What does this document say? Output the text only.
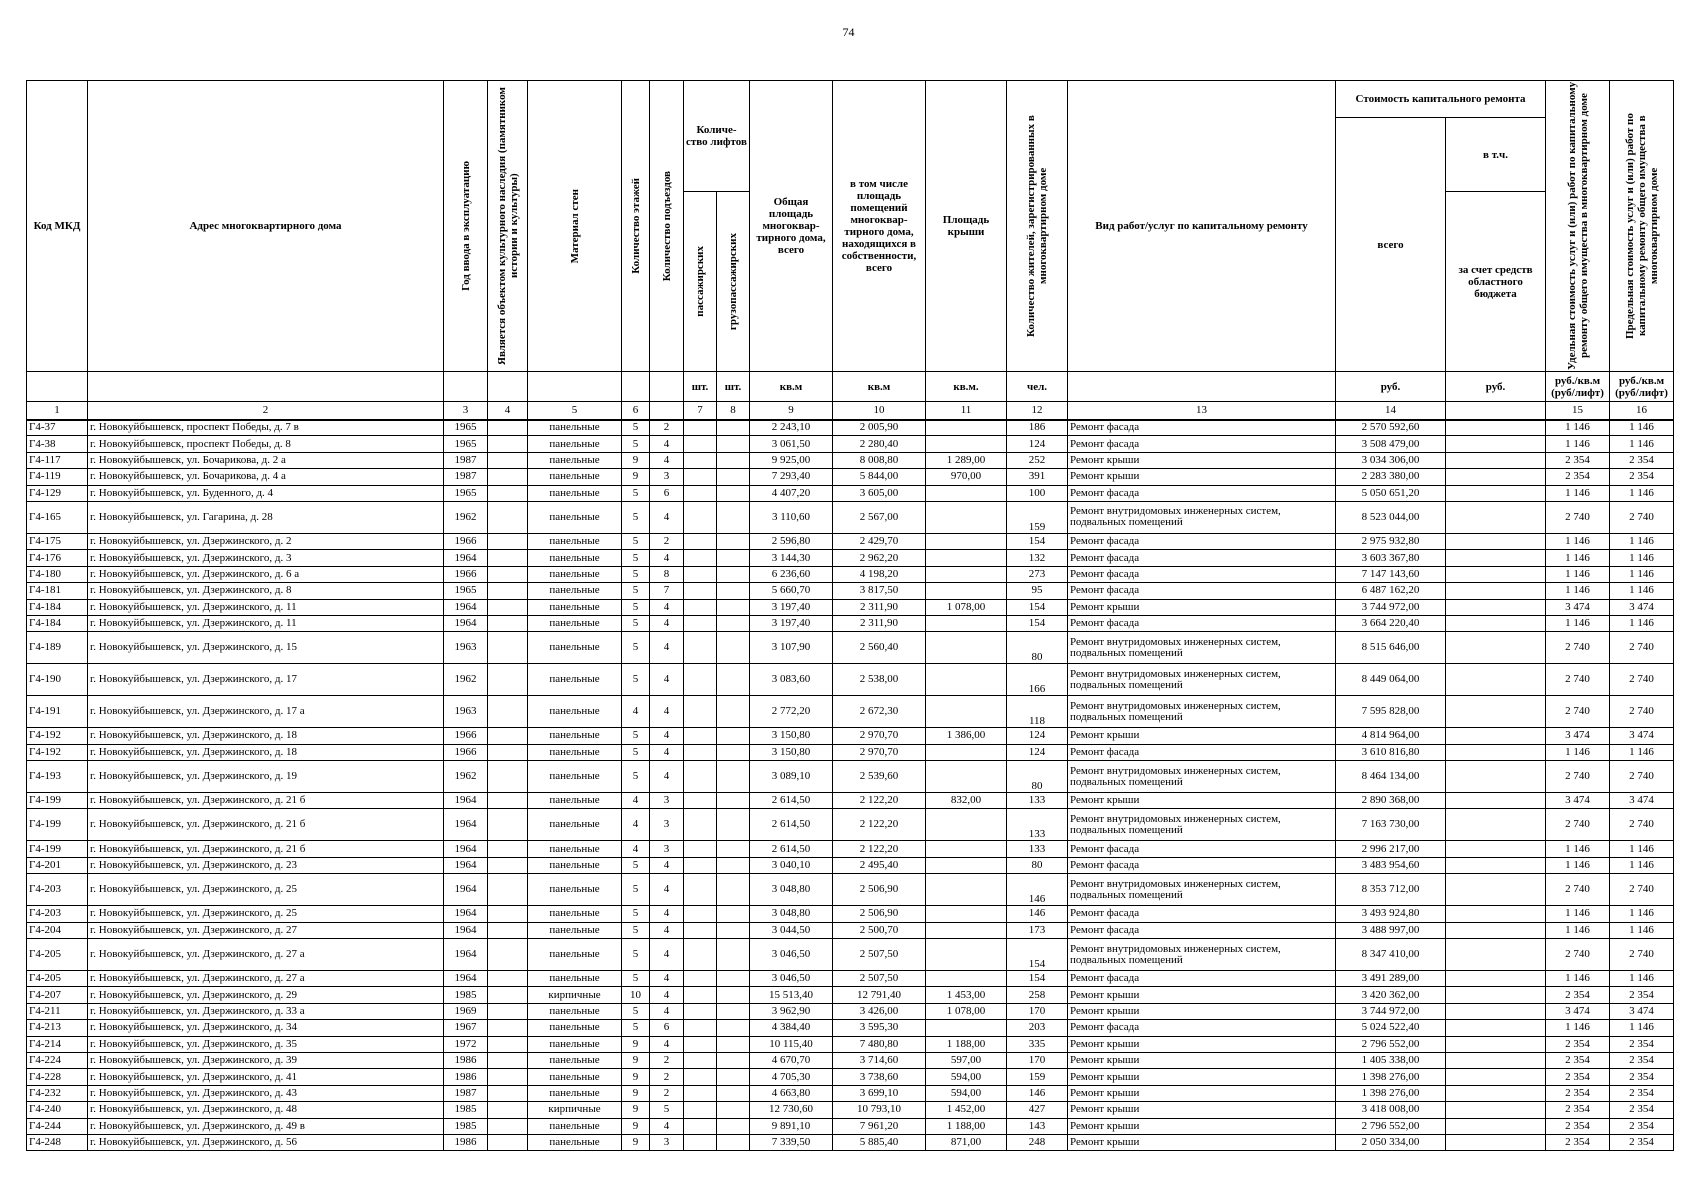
74
Код МКД	Адрес многоквартирного дома	Год ввода в эксплуатацию	Является объектом культурного наследия (памятником истории и культуры)	Материал стен	Количество этажей	Количество подъездов	Количе-ство лифтов		Общая площадь многоквар-тирного дома, всего	в том числе площадь помещений многоквар-тирного дома, находящихся в собственности, всего	Площадь крыши	Количество жителей, зарегистрированных в многоквартирном доме	Вид работ/услуг по капитальному ремонту	Стоимость капитального ремонта		Удельная стоимость услуг и (или) работ по капитальному ремонту общего имущества в многоквартирном доме	Предельная стоимость услуг и (или) работ по капитальному ремонту общего имущества в многоквартирном доме

														всего	в т.ч.		

							пассажирских	грузопассажирских							за счет средств областного бюджета		
							шт.	шт.	кв.м	кв.м	кв.м.	чел.		руб.	руб.	руб./кв.м (руб/лифт)	руб./кв.м (руб/лифт)
1	2	3	4	5	6		7	8	9	10	11	12	13	14		15	16
Г4-37	г. Новокуйбышевск, проспект Победы, д. 7 в	1965		панельные	5	2			2 243,10	2 005,90		186	Ремонт фасада	2 570 592,60		1 146	1 146
Г4-38	г. Новокуйбышевск, проспект Победы, д. 8	1965		панельные	5	4			3 061,50	2 280,40		124	Ремонт фасада	3 508 479,00		1 146	1 146
Г4-117	г. Новокуйбышевск, ул. Бочарикова, д. 2 а	1987		панельные	9	4			9 925,00	8 008,80	1 289,00	252	Ремонт крыши	3 034 306,00		2 354	2 354
Г4-119	г. Новокуйбышевск, ул. Бочарикова, д. 4 а	1987		панельные	9	3			7 293,40	5 844,00	970,00	391	Ремонт крыши	2 283 380,00		2 354	2 354
Г4-129	г. Новокуйбышевск, ул. Буденного, д. 4	1965		панельные	5	6			4 407,20	3 605,00		100	Ремонт фасада	5 050 651,20		1 146	1 146
Г4-165	г. Новокуйбышевск, ул. Гагарина, д. 28	1962		панельные	5	4			3 110,60	2 567,00		159	Ремонт внутридомовых инженерных систем, подвальных помещений	8 523 044,00		2 740	2 740
Г4-175	г. Новокуйбышевск, ул. Дзержинского, д. 2	1966		панельные	5	2			2 596,80	2 429,70		154	Ремонт фасада	2 975 932,80		1 146	1 146
Г4-176	г. Новокуйбышевск, ул. Дзержинского, д. 3	1964		панельные	5	4			3 144,30	2 962,20		132	Ремонт фасада	3 603 367,80		1 146	1 146
Г4-180	г. Новокуйбышевск, ул. Дзержинского, д. 6 а	1966		панельные	5	8			6 236,60	4 198,20		273	Ремонт фасада	7 147 143,60		1 146	1 146
Г4-181	г. Новокуйбышевск, ул. Дзержинского, д. 8	1965		панельные	5	7			5 660,70	3 817,50		95	Ремонт фасада	6 487 162,20		1 146	1 146
Г4-184	г. Новокуйбышевск, ул. Дзержинского, д. 11	1964		панельные	5	4			3 197,40	2 311,90	1 078,00	154	Ремонт крыши	3 744 972,00		3 474	3 474
Г4-184	г. Новокуйбышевск, ул. Дзержинского, д. 11	1964		панельные	5	4			3 197,40	2 311,90		154	Ремонт фасада	3 664 220,40		1 146	1 146
Г4-189	г. Новокуйбышевск, ул. Дзержинского, д. 15	1963		панельные	5	4			3 107,90	2 560,40		80	Ремонт внутридомовых инженерных систем, подвальных помещений	8 515 646,00		2 740	2 740
Г4-190	г. Новокуйбышевск, ул. Дзержинского, д. 17	1962		панельные	5	4			3 083,60	2 538,00		166	Ремонт внутридомовых инженерных систем, подвальных помещений	8 449 064,00		2 740	2 740
Г4-191	г. Новокуйбышевск, ул. Дзержинского, д. 17 а	1963		панельные	4	4			2 772,20	2 672,30		118	Ремонт внутридомовых инженерных систем, подвальных помещений	7 595 828,00		2 740	2 740
Г4-192	г. Новокуйбышевск, ул. Дзержинского, д. 18	1966		панельные	5	4			3 150,80	2 970,70	1 386,00	124	Ремонт крыши	4 814 964,00		3 474	3 474
Г4-192	г. Новокуйбышевск, ул. Дзержинского, д. 18	1966		панельные	5	4			3 150,80	2 970,70		124	Ремонт фасада	3 610 816,80		1 146	1 146
Г4-193	г. Новокуйбышевск, ул. Дзержинского, д. 19	1962		панельные	5	4			3 089,10	2 539,60		80	Ремонт внутридомовых инженерных систем, подвальных помещений	8 464 134,00		2 740	2 740
Г4-199	г. Новокуйбышевск, ул. Дзержинского, д. 21 б	1964		панельные	4	3			2 614,50	2 122,20	832,00	133	Ремонт крыши	2 890 368,00		3 474	3 474
Г4-199	г. Новокуйбышевск, ул. Дзержинского, д. 21 б	1964		панельные	4	3			2 614,50	2 122,20		133	Ремонт внутридомовых инженерных систем, подвальных помещений	7 163 730,00		2 740	2 740
Г4-199	г. Новокуйбышевск, ул. Дзержинского, д. 21 б	1964		панельные	4	3			2 614,50	2 122,20		133	Ремонт фасада	2 996 217,00		1 146	1 146
Г4-201	г. Новокуйбышевск, ул. Дзержинского, д. 23	1964		панельные	5	4			3 040,10	2 495,40		80	Ремонт фасада	3 483 954,60		1 146	1 146
Г4-203	г. Новокуйбышевск, ул. Дзержинского, д. 25	1964		панельные	5	4			3 048,80	2 506,90		146	Ремонт внутридомовых инженерных систем, подвальных помещений	8 353 712,00		2 740	2 740
Г4-203	г. Новокуйбышевск, ул. Дзержинского, д. 25	1964		панельные	5	4			3 048,80	2 506,90		146	Ремонт фасада	3 493 924,80		1 146	1 146
Г4-204	г. Новокуйбышевск, ул. Дзержинского, д. 27	1964		панельные	5	4			3 044,50	2 500,70		173	Ремонт фасада	3 488 997,00		1 146	1 146
Г4-205	г. Новокуйбышевск, ул. Дзержинского, д. 27 а	1964		панельные	5	4			3 046,50	2 507,50		154	Ремонт внутридомовых инженерных систем, подвальных помещений	8 347 410,00		2 740	2 740
Г4-205	г. Новокуйбышевск, ул. Дзержинского, д. 27 а	1964		панельные	5	4			3 046,50	2 507,50		154	Ремонт фасада	3 491 289,00		1 146	1 146
Г4-207	г. Новокуйбышевск, ул. Дзержинского, д. 29	1985		кирпичные	10	4			15 513,40	12 791,40	1 453,00	258	Ремонт крыши	3 420 362,00		2 354	2 354
Г4-211	г. Новокуйбышевск, ул. Дзержинского, д. 33 а	1969		панельные	5	4			3 962,90	3 426,00	1 078,00	170	Ремонт крыши	3 744 972,00		3 474	3 474
Г4-213	г. Новокуйбышевск, ул. Дзержинского, д. 34	1967		панельные	5	6			4 384,40	3 595,30		203	Ремонт фасада	5 024 522,40		1 146	1 146
Г4-214	г. Новокуйбышевск, ул. Дзержинского, д. 35	1972		панельные	9	4			10 115,40	7 480,80	1 188,00	335	Ремонт крыши	2 796 552,00		2 354	2 354
Г4-224	г. Новокуйбышевск, ул. Дзержинского, д. 39	1986		панельные	9	2			4 670,70	3 714,60	597,00	170	Ремонт крыши	1 405 338,00		2 354	2 354
Г4-228	г. Новокуйбышевск, ул. Дзержинского, д. 41	1986		панельные	9	2			4 705,30	3 738,60	594,00	159	Ремонт крыши	1 398 276,00		2 354	2 354
Г4-232	г. Новокуйбышевск, ул. Дзержинского, д. 43	1987		панельные	9	2			4 663,80	3 699,10	594,00	146	Ремонт крыши	1 398 276,00		2 354	2 354
Г4-240	г. Новокуйбышевск, ул. Дзержинского, д. 48	1985		кирпичные	9	5			12 730,60	10 793,10	1 452,00	427	Ремонт крыши	3 418 008,00		2 354	2 354
Г4-244	г. Новокуйбышевск, ул. Дзержинского, д. 49 в	1985		панельные	9	4			9 891,10	7 961,20	1 188,00	143	Ремонт крыши	2 796 552,00		2 354	2 354
Г4-248	г. Новокуйбышевск, ул. Дзержинского, д. 56	1986		панельные	9	3			7 339,50	5 885,40	871,00	248	Ремонт крыши	2 050 334,00		2 354	2 354
